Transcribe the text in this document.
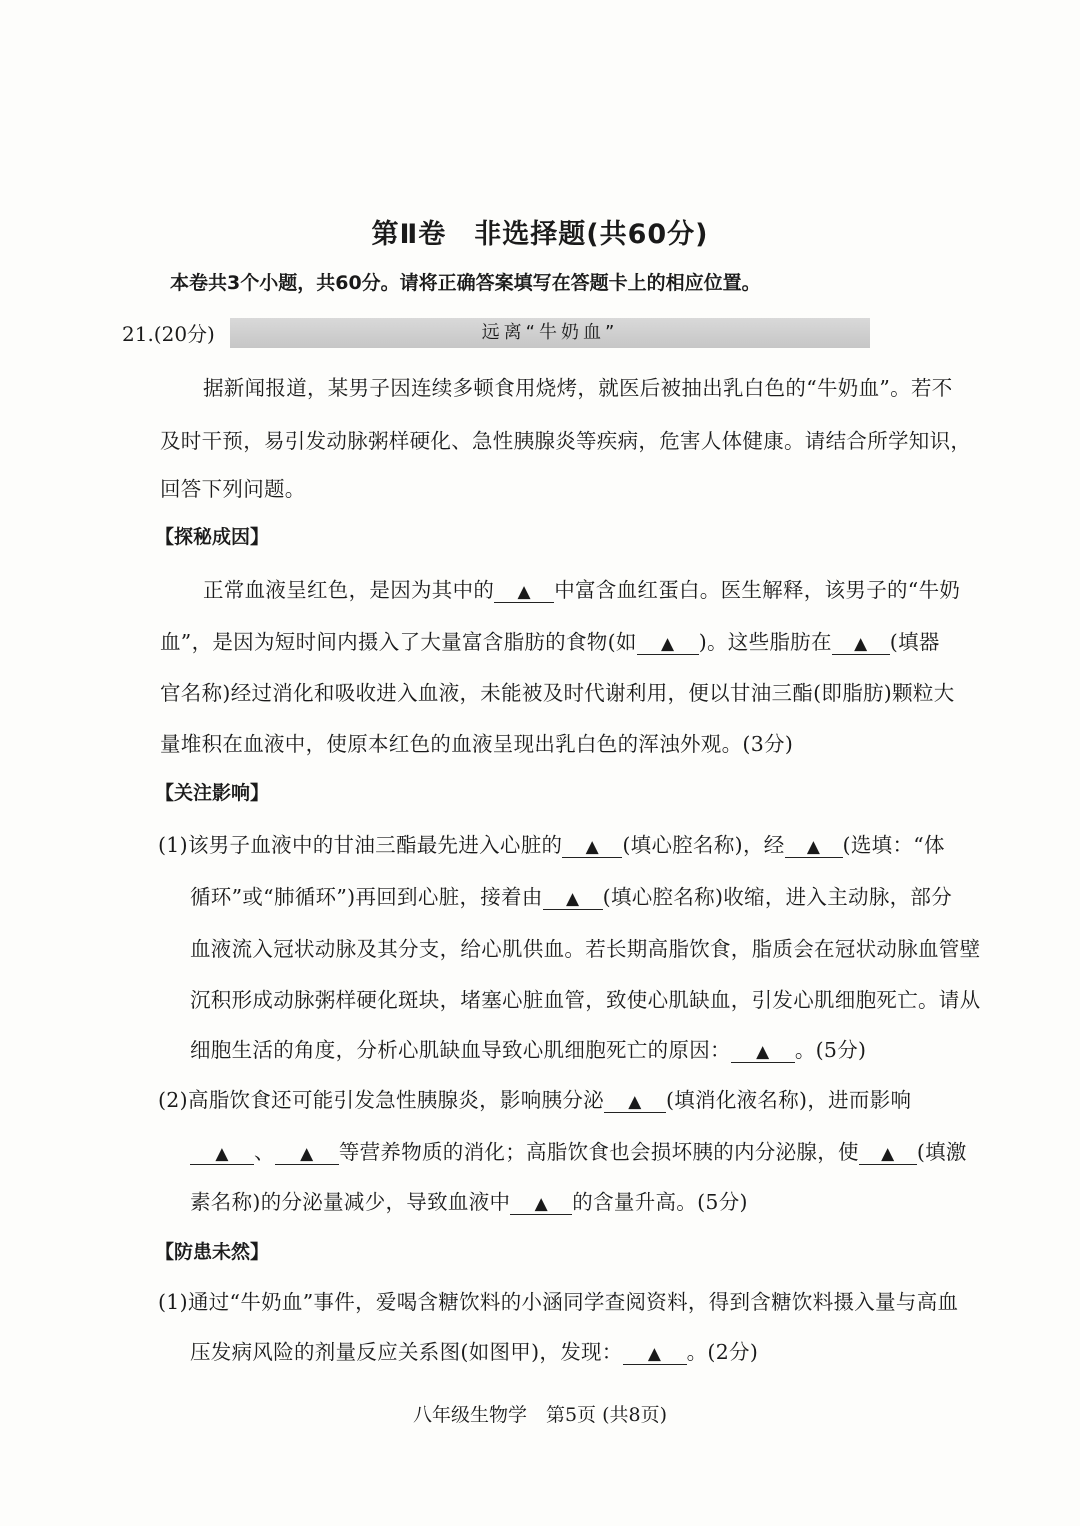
第Ⅱ卷　非选择题(共60分)
本卷共3个小题，共60分。请将正确答案填写在答题卡上的相应位置。
21.(20分)	远离“牛奶血”
据新闻报道，某男子因连续多顿食用烧烤，就医后被抽出乳白色的“牛奶血”。若不
及时干预，易引发动脉粥样硬化、急性胰腺炎等疾病，危害人体健康。请结合所学知识，
回答下列问题。
【探秘成因】
正常血液呈红色，是因为其中的 ▲ 中富含血红蛋白。医生解释，该男子的“牛奶
血”，是因为短时间内摄入了大量富含脂肪的食物(如 ▲ )。这些脂肪在 ▲ (填器
官名称)经过消化和吸收进入血液，未能被及时代谢利用，便以甘油三酯(即脂肪)颗粒大
量堆积在血液中，使原本红色的血液呈现出乳白色的浑浊外观。(3分)
【关注影响】
(1)该男子血液中的甘油三酯最先进入心脏的 ▲ (填心腔名称)，经 ▲ (选填：“体
循环”或“肺循环”)再回到心脏，接着由 ▲ (填心腔名称)收缩，进入主动脉，部分
血液流入冠状动脉及其分支，给心肌供血。若长期高脂饮食，脂质会在冠状动脉血管壁
沉积形成动脉粥样硬化斑块，堵塞心脏血管，致使心肌缺血，引发心肌细胞死亡。请从
细胞生活的角度，分析心肌缺血导致心肌细胞死亡的原因： ▲ 。(5分)
(2)高脂饮食还可能引发急性胰腺炎，影响胰分泌 ▲ (填消化液名称)，进而影响
▲ 、 ▲ 等营养物质的消化；高脂饮食也会损坏胰的内分泌腺，使 ▲ (填激
素名称)的分泌量减少，导致血液中 ▲ 的含量升高。(5分)
【防患未然】
(1)通过“牛奶血”事件，爱喝含糖饮料的小涵同学查阅资料，得到含糖饮料摄入量与高血
压发病风险的剂量反应关系图(如图甲)，发现： ▲ 。(2分)
八年级生物学　第5页 (共8页)
